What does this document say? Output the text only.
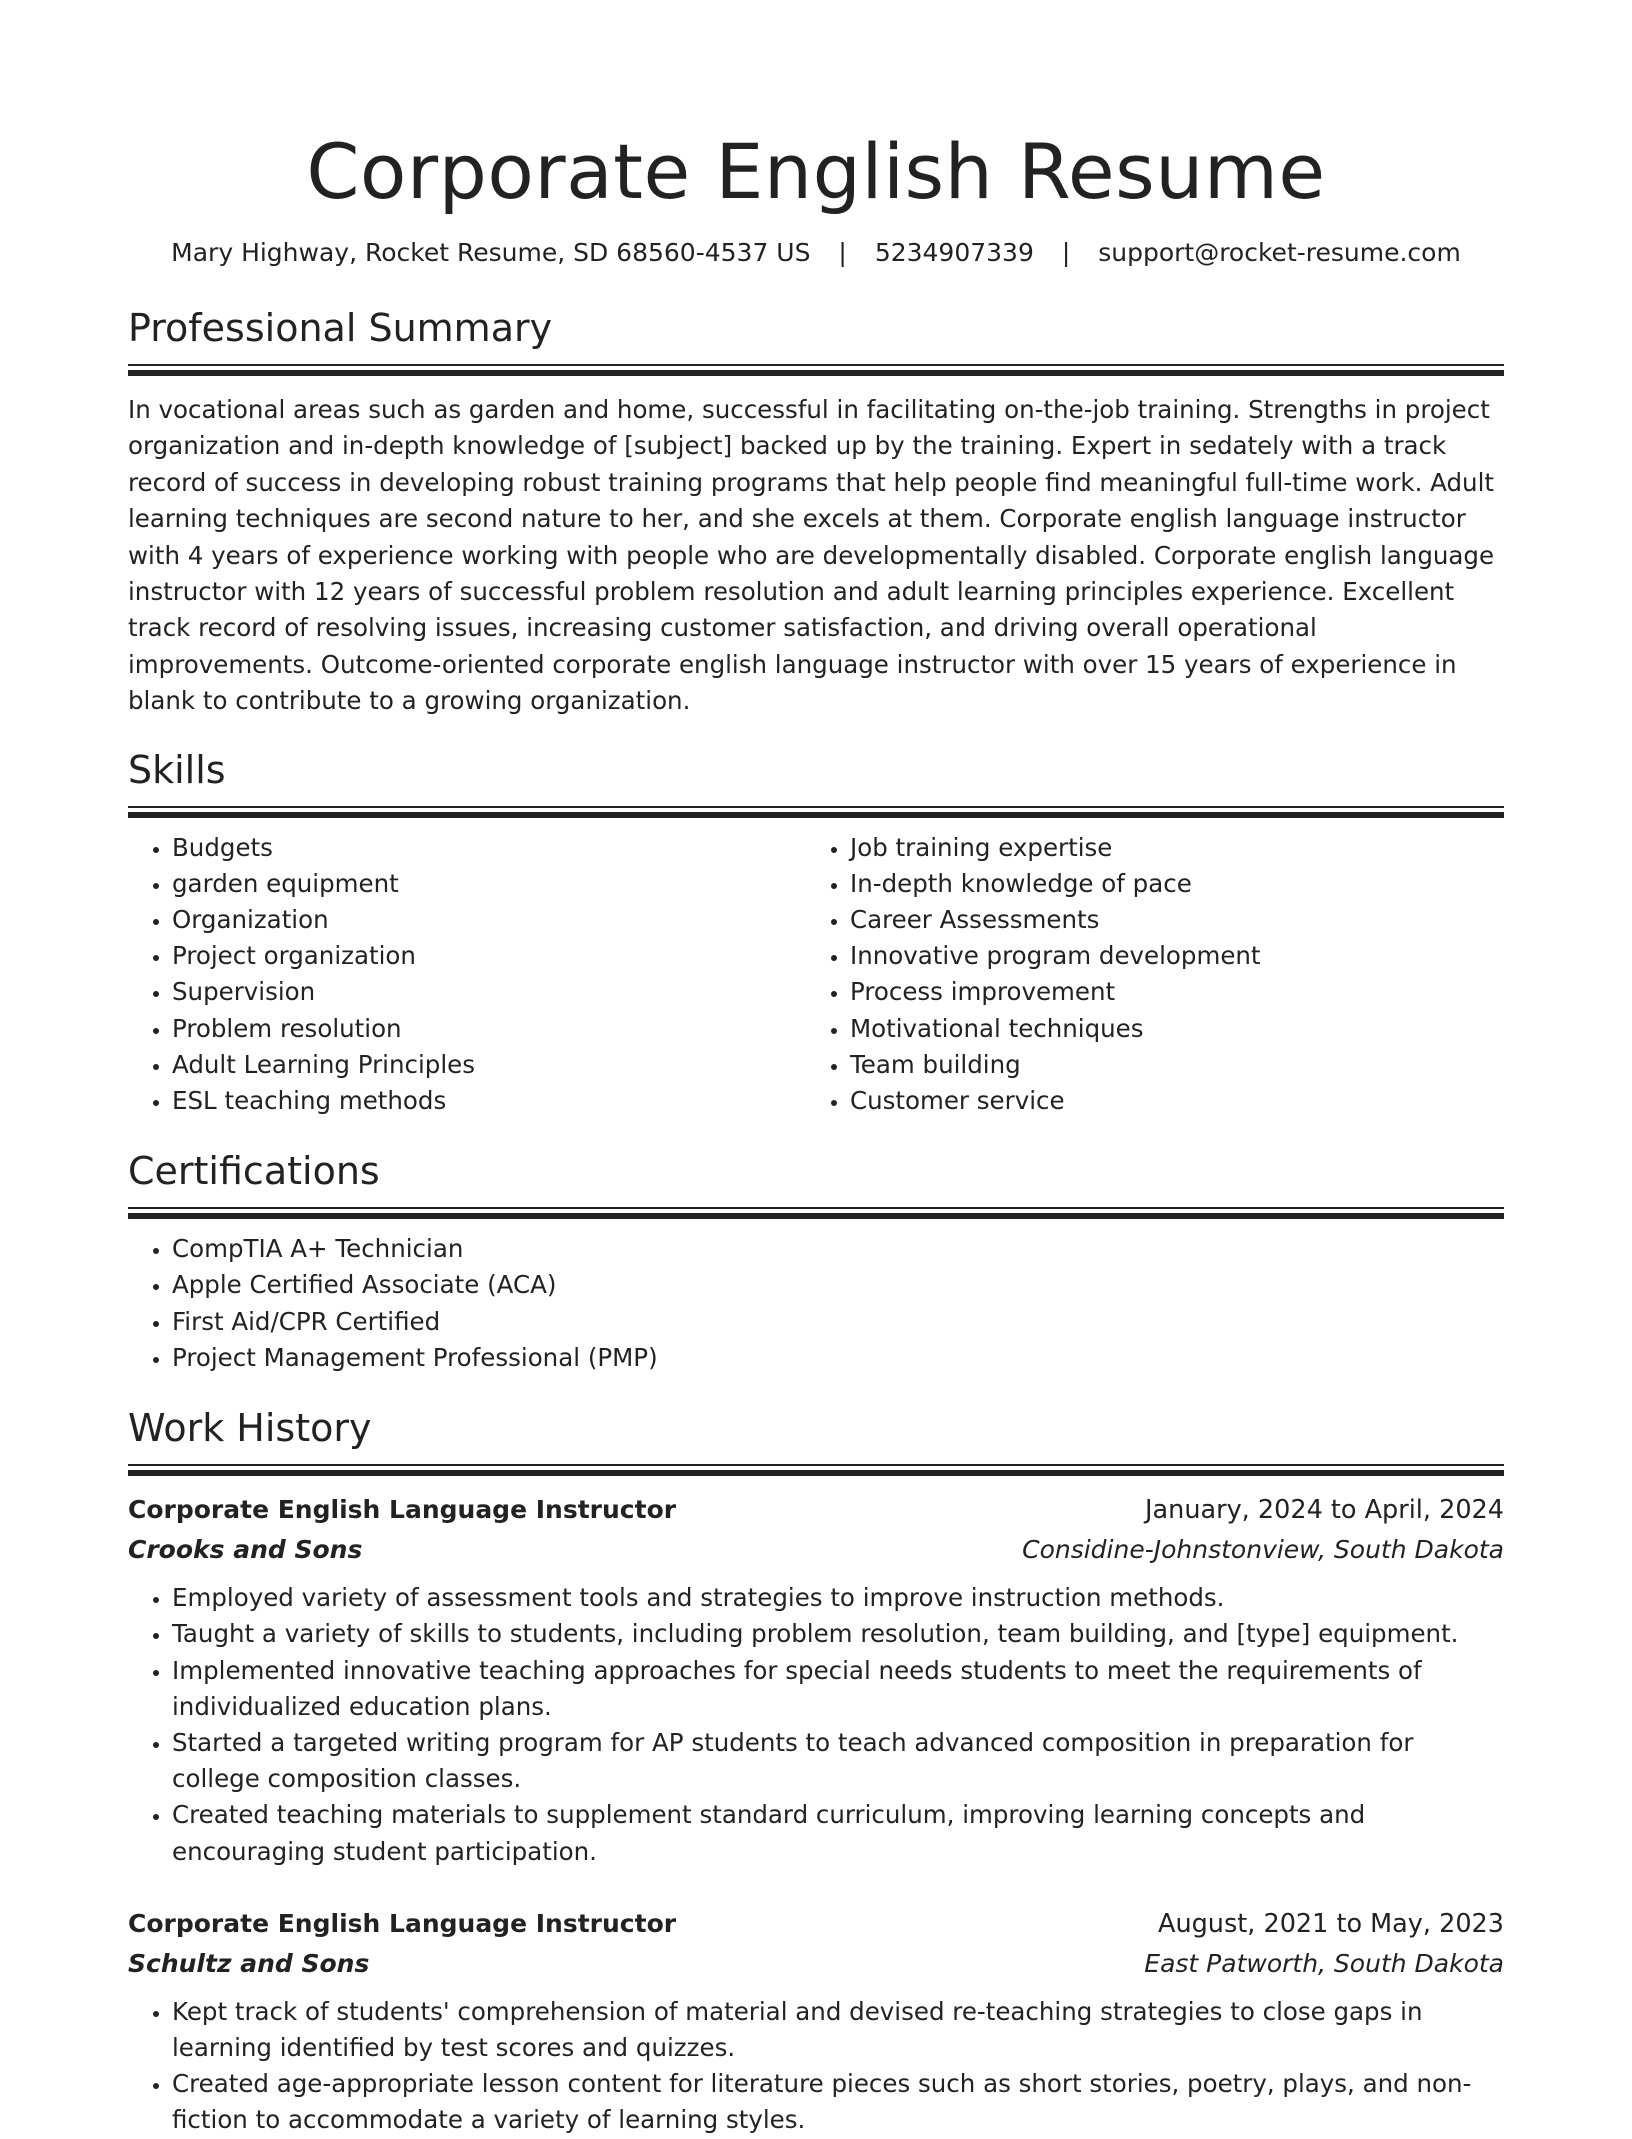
Corporate English Resume
Mary Highway, Rocket Resume, SD 68560-4537 US | 5234907339 | support@rocket-resume.com
Professional Summary

In vocational areas such as garden and home, successful in facilitating on-the-job training. Strengths in project organization and in-depth knowledge of [subject] backed up by the training. Expert in sedately with a track record of success in developing robust training programs that help people find meaningful full-time work. Adult learning techniques are second nature to her, and she excels at them. Corporate english language instructor with 4 years of experience working with people who are developmentally disabled. Corporate english language instructor with 12 years of successful problem resolution and adult learning principles experience. Excellent track record of resolving issues, increasing customer satisfaction, and driving overall operational improvements. Outcome-oriented corporate english language instructor with over 15 years of experience in blank to contribute to a growing organization.

Skills
• Budgets
• garden equipment
• Organization
• Project organization
• Supervision
• Problem resolution
• Adult Learning Principles
• ESL teaching methods
• Job training expertise
• In-depth knowledge of pace
• Career Assessments
• Innovative program development
• Process improvement
• Motivational techniques
• Team building
• Customer service
Certifications
• CompTIA A+ Technician
• Apple Certified Associate (ACA)
• First Aid/CPR Certified
• Project Management Professional (PMP)
Work History
Corporate English Language Instructor	January, 2024 to April, 2024
Crooks and Sons	Considine-Johnstonview, South Dakota
• Employed variety of assessment tools and strategies to improve instruction methods.
• Taught a variety of skills to students, including problem resolution, team building, and [type] equipment.
• Implemented innovative teaching approaches for special needs students to meet the requirements of individualized education plans.
• Started a targeted writing program for AP students to teach advanced composition in preparation for college composition classes.
• Created teaching materials to supplement standard curriculum, improving learning concepts and encouraging student participation.
Corporate English Language Instructor	August, 2021 to May, 2023
Schultz and Sons	East Patworth, South Dakota
• Kept track of students' comprehension of material and devised re-teaching strategies to close gaps in learning identified by test scores and quizzes.
• Created age-appropriate lesson content for literature pieces such as short stories, poetry, plays, and non-fiction to accommodate a variety of learning styles.
